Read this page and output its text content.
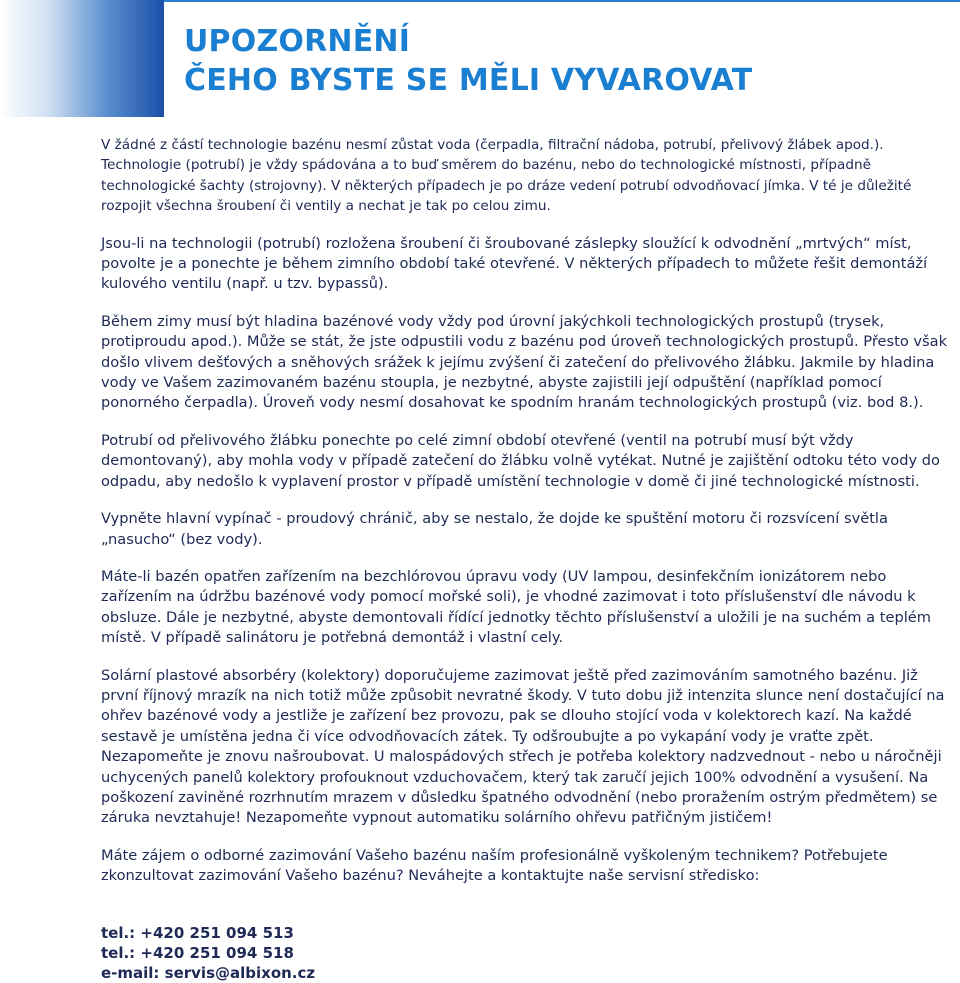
UPOZORNĚNÍ
ČEHO BYSTE SE MĚLI VYVAROVAT

V žádné z částí technologie bazénu nesmí zůstat voda (čerpadla, filtrační nádoba, potrubí, přelivový žlábek apod.). Technologie (potrubí) je vždy spádována a to buď směrem do bazénu, nebo do technologické místnosti, případně technologické šachty (strojovny). V některých případech je po dráze vedení potrubí odvodňovací jímka. V té je důležité rozpojit všechna šroubení či ventily a nechat je tak po celou zimu.

Jsou-li na technologii (potrubí) rozložena šroubení či šroubované záslepky sloužící k odvodnění „mrtvých“ míst, povolte je a ponechte je během zimního období také otevřené. V některých případech to můžete řešit demontáží kulového ventilu (např. u tzv. bypassů).

Během zimy musí být hladina bazénové vody vždy pod úrovní jakýchkoli technologických prostupů (trysek, protiproudu apod.). Může se stát, že jste odpustili vodu z bazénu pod úroveň technologických prostupů. Přesto však došlo vlivem dešťových a sněhových srážek k jejímu zvýšení či zatečení do přelivového žlábku. Jakmile by hladina vody ve Vašem zazimovaném bazénu stoupla, je nezbytné, abyste zajistili její odpuštění (například pomocí ponorného čerpadla). Úroveň vody nesmí dosahovat ke spodním hranám technologických prostupů (viz. bod 8.).

Potrubí od přelivového žlábku ponechte po celé zimní období otevřené (ventil na potrubí musí být vždy demontovaný), aby mohla vody v případě zatečení do žlábku volně vytékat. Nutné je zajištění odtoku této vody do odpadu, aby nedošlo k vyplavení prostor v případě umístění technologie v domě či jiné technologické místnosti.

Vypněte hlavní vypínač - proudový chránič, aby se nestalo, že dojde ke spuštění motoru či rozsvícení světla „nasucho“ (bez vody).

Máte-li bazén opatřen zařízením na bezchlórovou úpravu vody (UV lampou, desinfekčním ionizátorem nebo zařízením na údržbu bazénové vody pomocí mořské soli), je vhodné zazimovat i toto příslušenství dle návodu k obsluze. Dále je nezbytné, abyste demontovali řídící jednotky těchto příslušenství a uložili je na suchém a teplém místě. V případě salinátoru je potřebná demontáž i vlastní cely.

Solární plastové absorbéry (kolektory) doporučujeme zazimovat ještě před zazimováním samotného bazénu. Již první říjnový mrazík na nich totiž může způsobit nevratné škody. V tuto dobu již intenzita slunce není dostačující na ohřev bazénové vody a jestliže je zařízení bez provozu, pak se dlouho stojící voda v kolektorech kazí. Na každé sestavě je umístěna jedna či více odvodňovacích zátek. Ty odšroubujte a po vykapání vody je vraťte zpět. Nezapomeňte je znovu našroubovat. U malospádových střech je potřeba kolektory nadzvednout - nebo u náročněji uchycených panelů kolektory profouknout vzduchovačem, který tak zaručí jejich 100% odvodnění a vysušení. Na poškození zaviněné rozrhnutím mrazem v důsledku špatného odvodnění (nebo proražením ostrým předmětem) se záruka nevztahuje! Nezapomeňte vypnout automatiku solárního ohřevu patřičným jističem!

Máte zájem o odborné zazimování Vašeho bazénu naším profesionálně vyškoleným technikem? Potřebujete zkonzultovat zazimování Vašeho bazénu? Neváhejte a kontaktujte naše servisní středisko:

tel.: +420 251 094 513
tel.: +420 251 094 518
e-mail: servis@albixon.cz
